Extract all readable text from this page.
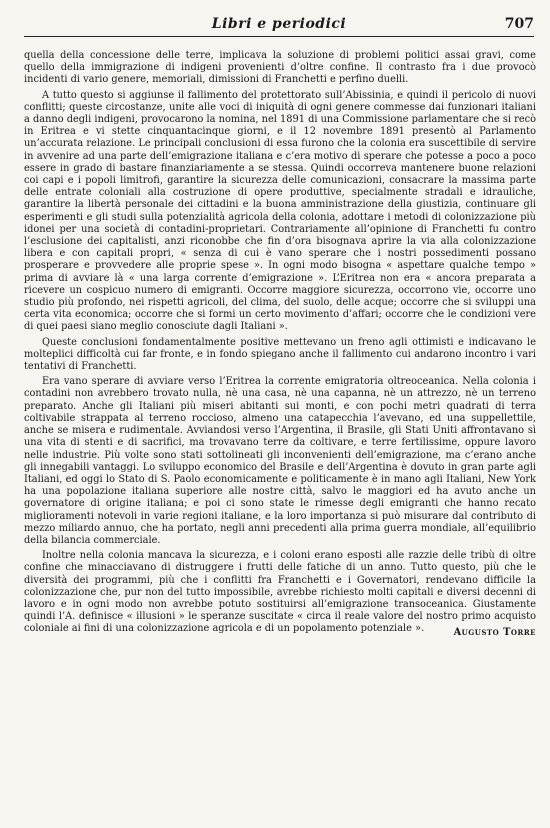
Libri e periodici	707

quella della concessione delle terre, implicava la soluzione di problemi politici assai gravi, come quello della immigrazione di indigeni provenienti d’oltre confine. Il contrasto fra i due provocò incidenti di vario genere, memoriali, dimissioni di Franchetti e perfino duelli.

A tutto questo si aggiunse il fallimento del protettorato sull’Abissinia, e quindi il pericolo di nuovi conflitti; queste circostanze, unite alle voci di iniquità di ogni genere commesse dai funzionari italiani a danno degli indigeni, provocarono la nomina, nel 1891 di una Commissione parlamentare che si recò in Eritrea e vi stette cinquantacinque giorni, e il 12 novembre 1891 presentò al Parlamento un’accurata relazione. Le principali conclusioni di essa furono che la colonia era suscettibile di servire in avvenire ad una parte dell’emigrazione italiana e c’era motivo di sperare che potesse a poco a poco essere in grado di bastare finanziariamente a se stessa. Quindi occorreva mantenere buone relazioni coi capi e i popoli limitrofi, garantire la sicurezza delle comunicazioni, consacrare la massima parte delle entrate coloniali alla costruzione di opere produttive, specialmente stradali e idrauliche, garantire la libertà personale dei cittadini e la buona amministrazione della giustizia, continuare gli esperimenti e gli studi sulla potenzialità agricola della colonia, adottare i metodi di colonizzazione più idonei per una società di contadini-proprietari. Contrariamente all’opinione di Franchetti fu contro l’esclusione dei capitalisti, anzi riconobbe che fin d’ora bisognava aprire la via alla colonizzazione libera e con capitali propri, « senza di cui è vano sperare che i nostri possedimenti possano prosperare e provvedere alle proprie spese ». In ogni modo bisogna « aspettare qualche tempo » prima di avviare là « una larga corrente d’emigrazione ». L’Eritrea non era « ancora preparata a ricevere un cospicuo numero di emigranti. Occorre maggiore sicurezza, occorrono vie, occorre uno studio più profondo, nei rispetti agricoli, del clima, del suolo, delle acque; occorre che si sviluppi una certa vita economica; occorre che si formi un certo movimento d’affari; occorre che le condizioni vere di quei paesi siano meglio conosciute dagli Italiani ».

Queste conclusioni fondamentalmente positive mettevano un freno agli ottimisti e indicavano le molteplici difficoltà cui far fronte, e in fondo spiegano anche il fallimento cui andarono incontro i vari tentativi di Franchetti.

Era vano sperare di avviare verso l’Eritrea la corrente emigratoria oltreoceanica. Nella colonia i contadini non avrebbero trovato nulla, nè una casa, nè una capanna, nè un attrezzo, nè un terreno preparato. Anche gli Italiani più miseri abitanti sui monti, e con pochi metri quadrati di terra coltivabile strappata al terreno roccioso, almeno una catapecchia l’avevano, ed una suppellettile, anche se misera e rudimentale. Avviandosi verso l’Argentina, il Brasile, gli Stati Uniti affrontavano sì una vita di stenti e di sacrifici, ma trovavano terre da coltivare, e terre fertilissime, oppure lavoro nelle industrie. Più volte sono stati sottolineati gli inconvenienti dell’emigrazione, ma c’erano anche gli innegabili vantaggi. Lo sviluppo economico del Brasile e dell’Argentina è dovuto in gran parte agli Italiani, ed oggi lo Stato di S. Paolo economicamente e politicamente è in mano agli Italiani, New York ha una popolazione italiana superiore alle nostre città, salvo le maggiori ed ha avuto anche un governatore di origine italiana; e poi ci sono state le rimesse degli emigranti che hanno recato miglioramenti notevoli in varie regioni italiane, e la loro importanza si può misurare dal contributo di mezzo miliardo annuo, che ha portato, negli anni precedenti alla prima guerra mondiale, all’equilibrio della bilancia commerciale.

Inoltre nella colonia mancava la sicurezza, e i coloni erano esposti alle razzie delle tribù di oltre confine che minacciavano di distruggere i frutti delle fatiche di un anno. Tutto questo, più che le diversità dei programmi, più che i conflitti fra Franchetti e i Governatori, rendevano difficile la colonizzazione che, pur non del tutto impossibile, avrebbe richiesto molti capitali e diversi decenni di lavoro e in ogni modo non avrebbe potuto sostituirsi all’emigrazione transoceanica. Giustamente quindi l’A. definisce « illusioni » le speranze suscitate « circa il reale valore del nostro primo acquisto coloniale ai fini di una colonizzazione agricola e di un popolamento potenziale ».	Augusto Torre
